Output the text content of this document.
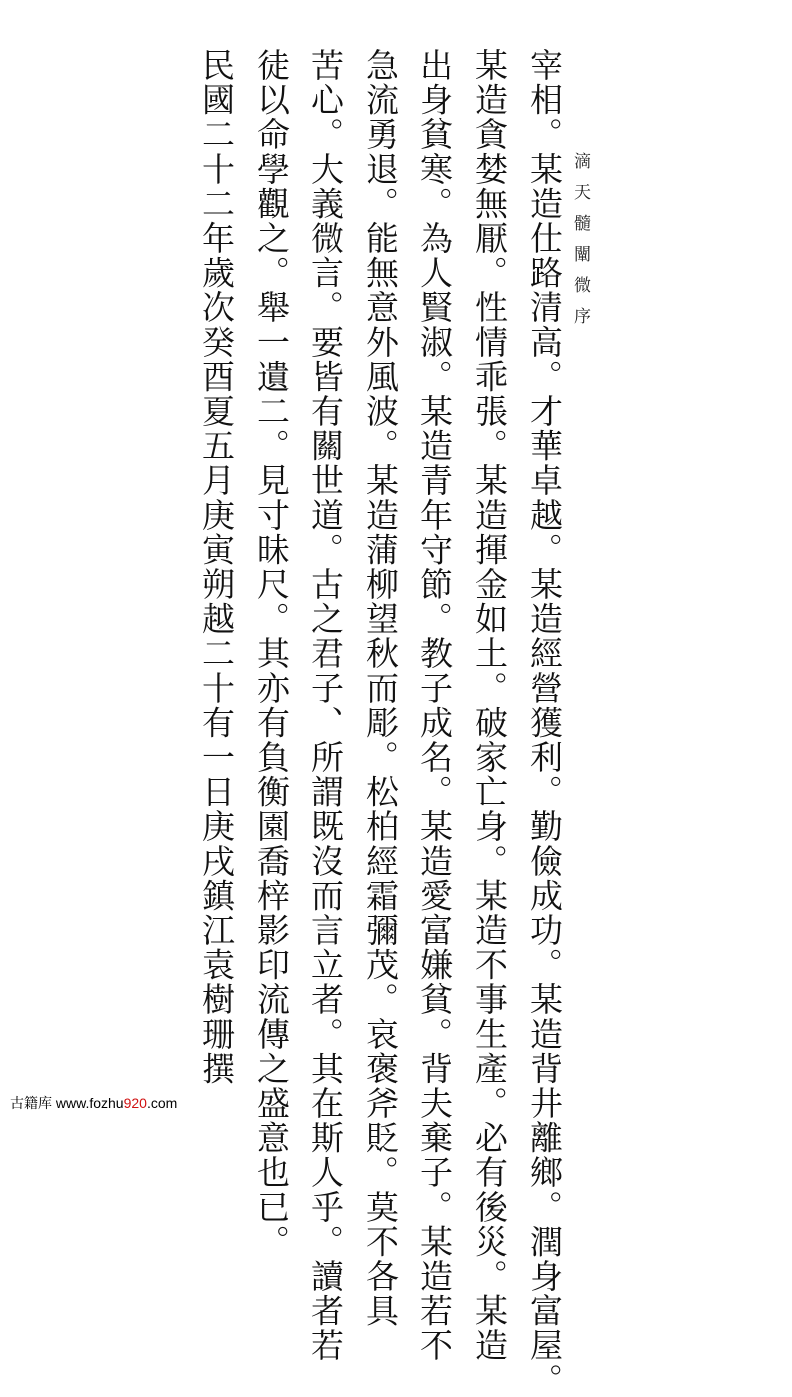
滴天髓闡微序
宰相。某造仕路清高。才華卓越。某造經營獲利。勤儉成功。某造背井離鄉。潤身富屋。
某造貪婪無厭。性情乖張。某造揮金如土。破家亡身。某造不事生產。必有後災。某造
出身貧寒。為人賢淑。某造青年守節。教子成名。某造愛富嫌貧。背夫棄子。某造若不
急流勇退。能無意外風波。某造蒲柳望秋而彫。松柏經霜彌茂。哀褒斧貶。莫不各具
苦心。大義微言。要皆有關世道。古之君子、所謂既沒而言立者。其在斯人乎。讀者若
徒以命學觀之。舉一遺二。見寸昧尺。其亦有負衡園喬梓影印流傳之盛意也已。
民國二十二年歲次癸酉夏五月庚寅朔越二十有一日庚戌鎮江袁樹珊撰
古籍库 www.fozhu920.com
